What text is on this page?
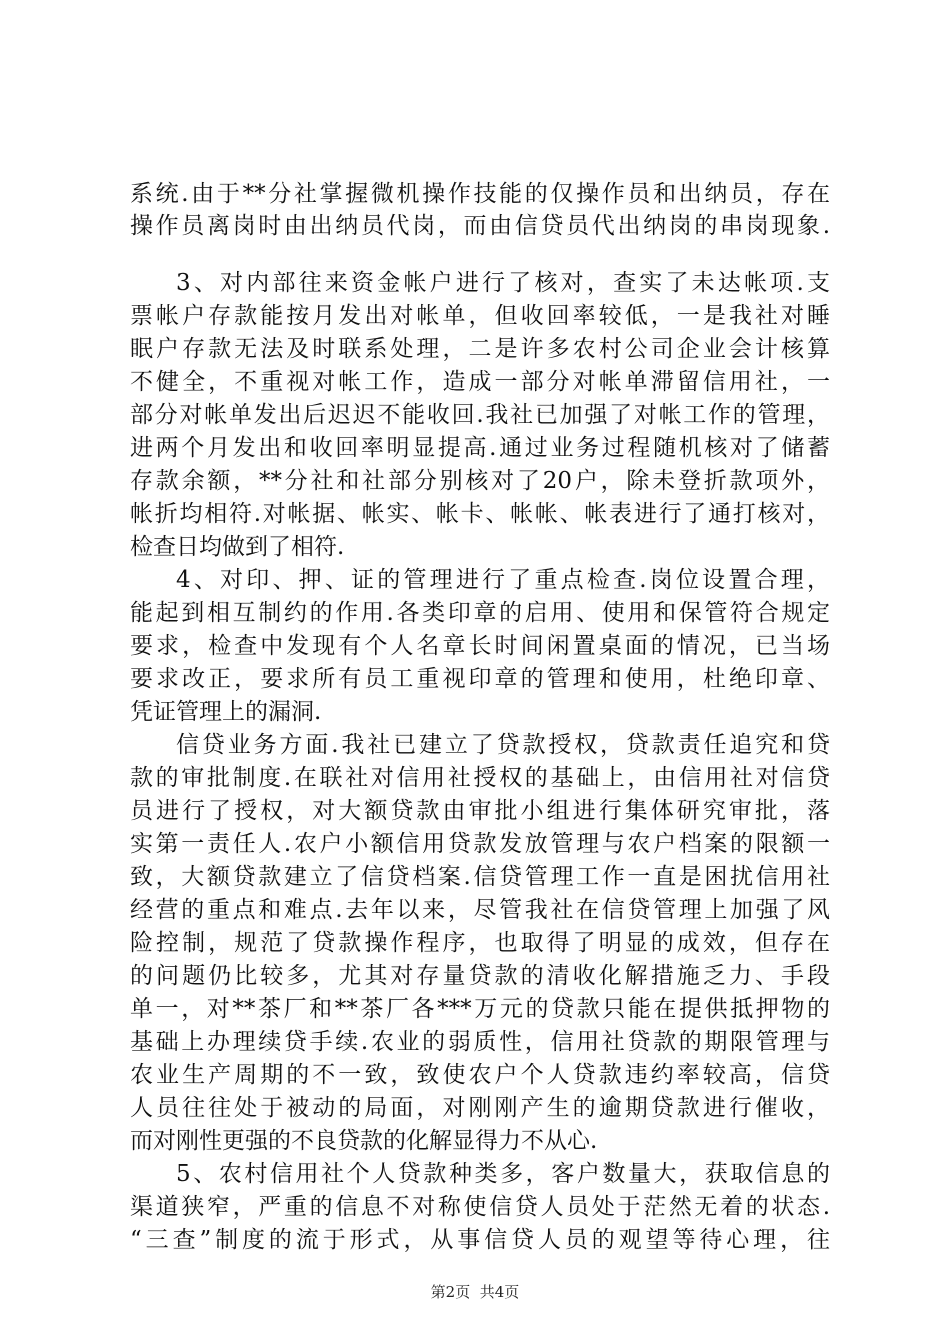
系统.由于**分社掌握微机操作技能的仅操作员和出纳员，存在
操作员离岗时由出纳员代岗，而由信贷员代出纳岗的串岗现象.
3、对内部往来资金帐户进行了核对，查实了未达帐项.支
票帐户存款能按月发出对帐单，但收回率较低，一是我社对睡
眠户存款无法及时联系处理，二是许多农村公司企业会计核算
不健全，不重视对帐工作，造成一部分对帐单滞留信用社，一
部分对帐单发出后迟迟不能收回.我社已加强了对帐工作的管理，
进两个月发出和收回率明显提高.通过业务过程随机核对了储蓄
存款余额，**分社和社部分别核对了20户，除未登折款项外，
帐折均相符.对帐据、帐实、帐卡、帐帐、帐表进行了通打核对，
检查日均做到了相符.
4、对印、押、证的管理进行了重点检查.岗位设置合理，
能起到相互制约的作用.各类印章的启用、使用和保管符合规定
要求，检查中发现有个人名章长时间闲置桌面的情况，已当场
要求改正，要求所有员工重视印章的管理和使用，杜绝印章、
凭证管理上的漏洞.
信贷业务方面.我社已建立了贷款授权，贷款责任追究和贷
款的审批制度.在联社对信用社授权的基础上，由信用社对信贷
员进行了授权，对大额贷款由审批小组进行集体研究审批，落
实第一责任人.农户小额信用贷款发放管理与农户档案的限额一
致，大额贷款建立了信贷档案.信贷管理工作一直是困扰信用社
经营的重点和难点.去年以来，尽管我社在信贷管理上加强了风
险控制，规范了贷款操作程序，也取得了明显的成效，但存在
的问题仍比较多，尤其对存量贷款的清收化解措施乏力、手段
单一，对**茶厂和**茶厂各***万元的贷款只能在提供抵押物的
基础上办理续贷手续.农业的弱质性，信用社贷款的期限管理与
农业生产周期的不一致，致使农户个人贷款违约率较高，信贷
人员往往处于被动的局面，对刚刚产生的逾期贷款进行催收，
而对刚性更强的不良贷款的化解显得力不从心.
5、农村信用社个人贷款种类多，客户数量大，获取信息的
渠道狭窄，严重的信息不对称使信贷人员处于茫然无着的状态.
“三查”制度的流于形式，从事信贷人员的观望等待心理，往
第2页 共4页
